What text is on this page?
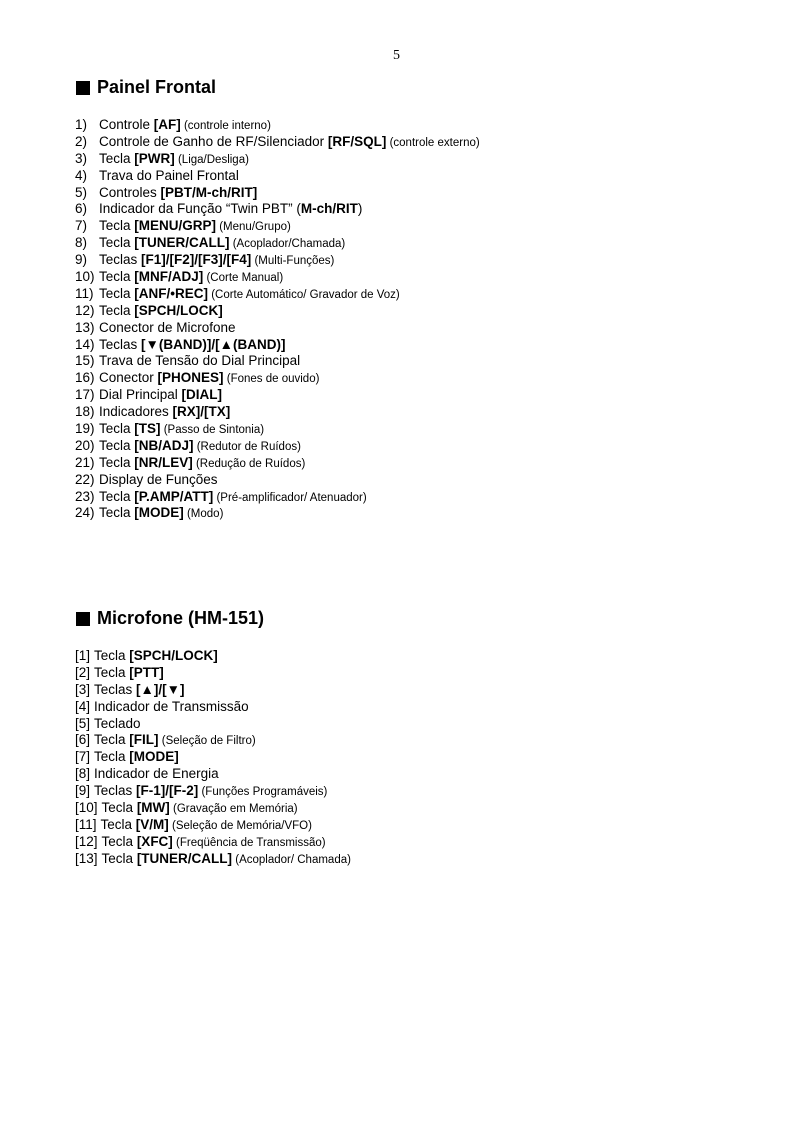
5
Painel Frontal
1) Controle [AF] (controle interno)
2) Controle de Ganho de RF/Silenciador [RF/SQL] (controle externo)
3) Tecla [PWR] (Liga/Desliga)
4) Trava do Painel Frontal
5) Controles [PBT/M-ch/RIT]
6) Indicador da Função “Twin PBT” (M-ch/RIT)
7) Tecla [MENU/GRP] (Menu/Grupo)
8) Tecla [TUNER/CALL] (Acoplador/Chamada)
9) Teclas [F1]/[F2]/[F3]/[F4] (Multi-Funções)
10) Tecla [MNF/ADJ] (Corte Manual)
11) Tecla [ANF/•REC] (Corte Automático/ Gravador de Voz)
12) Tecla [SPCH/LOCK]
13) Conector de Microfone
14) Teclas [▼(BAND)]/[▲(BAND)]
15) Trava de Tensão do Dial Principal
16) Conector [PHONES] (Fones de ouvido)
17) Dial Principal [DIAL]
18) Indicadores [RX]/[TX]
19) Tecla [TS] (Passo de Sintonia)
20) Tecla [NB/ADJ] (Redutor de Ruídos)
21) Tecla [NR/LEV] (Redução de Ruídos)
22) Display de Funções
23) Tecla [P.AMP/ATT] (Pré-amplificador/ Atenuador)
24) Tecla [MODE] (Modo)
Microfone (HM-151)
[1] Tecla [SPCH/LOCK]
[2] Tecla [PTT]
[3] Teclas [▲]/[▼]
[4] Indicador de Transmissão
[5] Teclado
[6] Tecla [FIL] (Seleção de Filtro)
[7] Tecla [MODE]
[8] Indicador de Energia
[9] Teclas [F-1]/[F-2] (Funções Programáveis)
[10] Tecla [MW] (Gravação em Memória)
[11] Tecla [V/M] (Seleção de Memória/VFO)
[12] Tecla [XFC] (Freqüência de Transmissão)
[13] Tecla [TUNER/CALL] (Acoplador/ Chamada)
